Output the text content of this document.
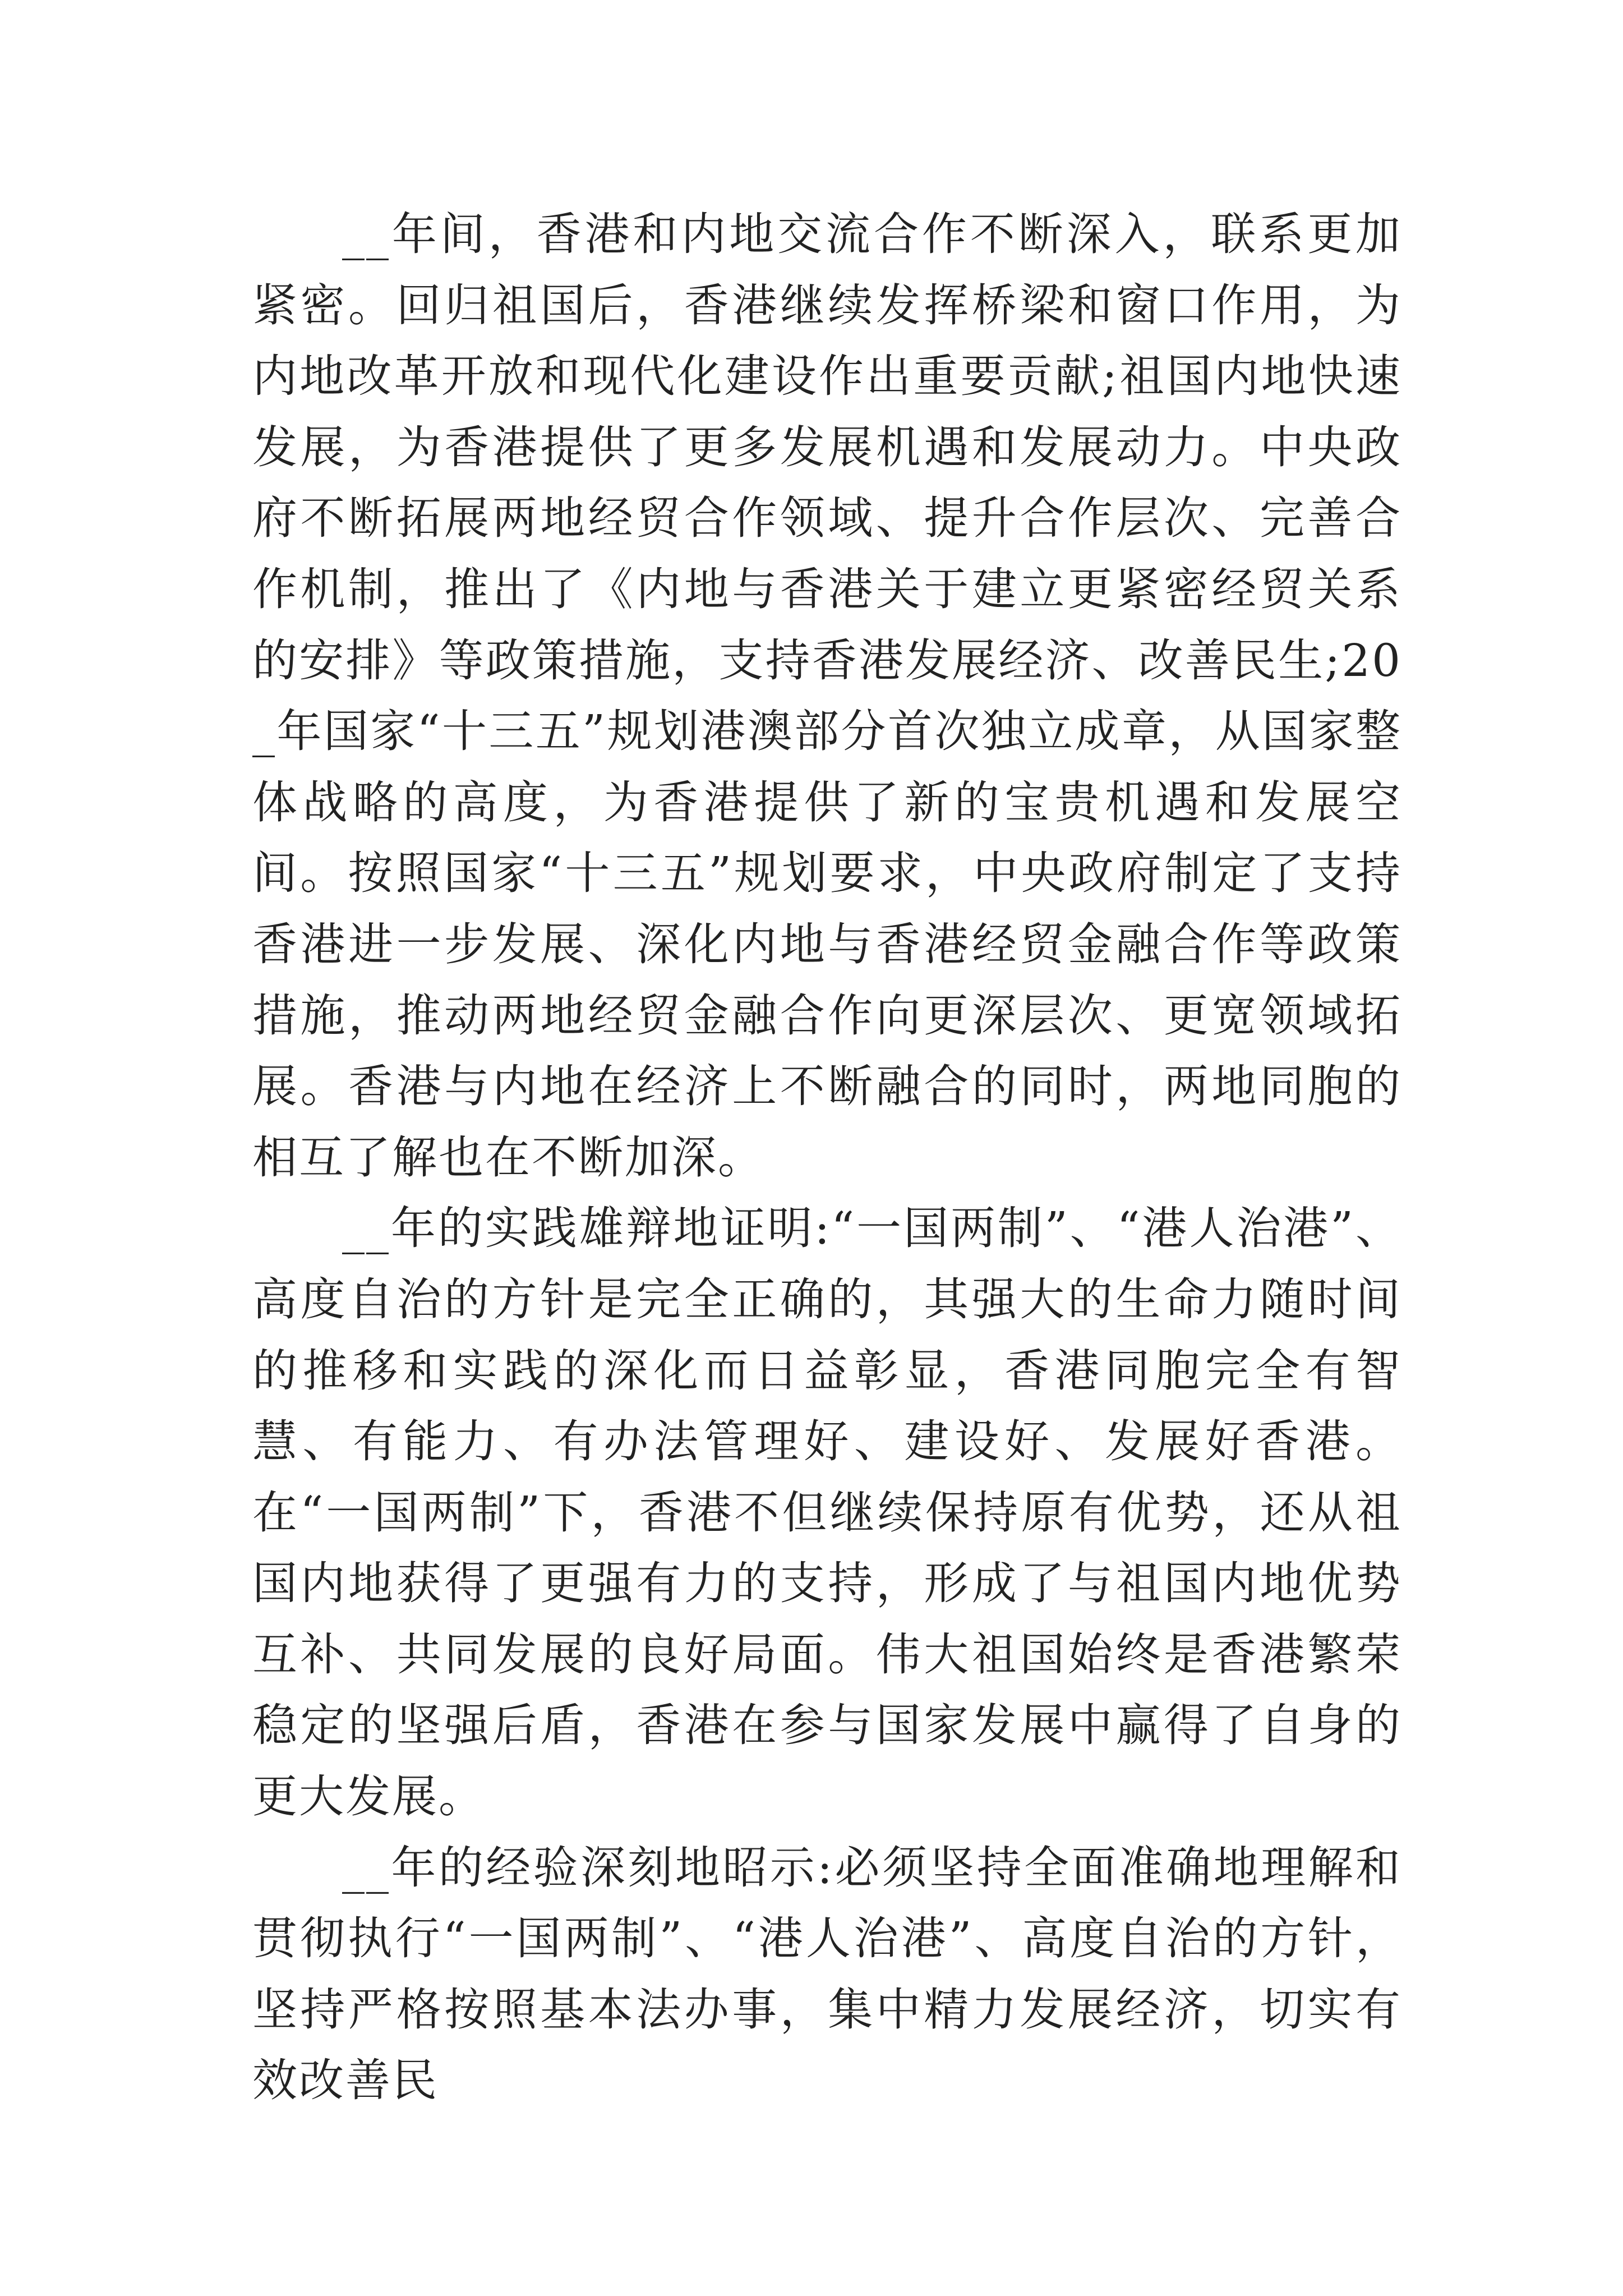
__年间，香港和内地交流合作不断深入，联系更加紧密。回归祖国后，香港继续发挥桥梁和窗口作用，为内地改革开放和现代化建设作出重要贡献;祖国内地快速发展，为香港提供了更多发展机遇和发展动力。中央政府不断拓展两地经贸合作领域、提升合作层次、完善合作机制，推出了《内地与香港关于建立更紧密经贸关系的安排》等政策措施，支持香港发展经济、改善民生;20_年国家“十三五”规划港澳部分首次独立成章，从国家整体战略的高度，为香港提供了新的宝贵机遇和发展空间。按照国家“十三五”规划要求，中央政府制定了支持香港进一步发展、深化内地与香港经贸金融合作等政策措施，推动两地经贸金融合作向更深层次、更宽领域拓展。香港与内地在经济上不断融合的同时，两地同胞的相互了解也在不断加深。

__年的实践雄辩地证明:“一国两制”、“港人治港”、高度自治的方针是完全正确的，其强大的生命力随时间的推移和实践的深化而日益彰显，香港同胞完全有智慧、有能力、有办法管理好、建设好、发展好香港。在“一国两制”下，香港不但继续保持原有优势，还从祖国内地获得了更强有力的支持，形成了与祖国内地优势互补、共同发展的良好局面。伟大祖国始终是香港繁荣稳定的坚强后盾，香港在参与国家发展中赢得了自身的更大发展。

__年的经验深刻地昭示:必须坚持全面准确地理解和贯彻执行“一国两制”、“港人治港”、高度自治的方针，坚持严格按照基本法办事，集中精力发展经济，切实有效改善民
